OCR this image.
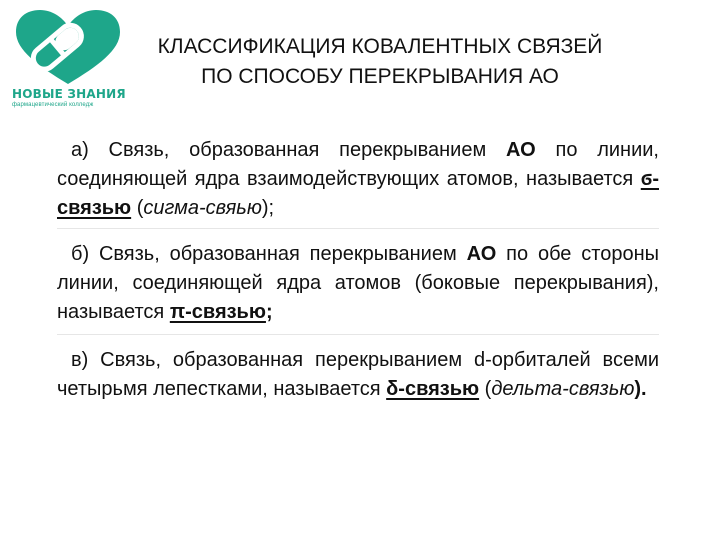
НОВЫЕ ЗНАНИЯ
фармацевтический колледж
КЛАССИФИКАЦИЯ КОВАЛЕНТНЫХ СВЯЗЕЙ
ПО СПОСОБУ ПЕРЕКРЫВАНИЯ АО
а) Связь, образованная перекрыванием АО по линии, соединяющей ядра взаимодействующих атомов, называется ϭ-связью (сигма-свяью);
б) Связь, образованная перекрыванием АО по обе стороны линии, соединяющей ядра атомов (боковые перекрывания), называется π-связью;
в) Связь, образованная перекрыванием d-орбиталей всеми четырьмя лепестками, называется δ-связью (дельта-связью).
